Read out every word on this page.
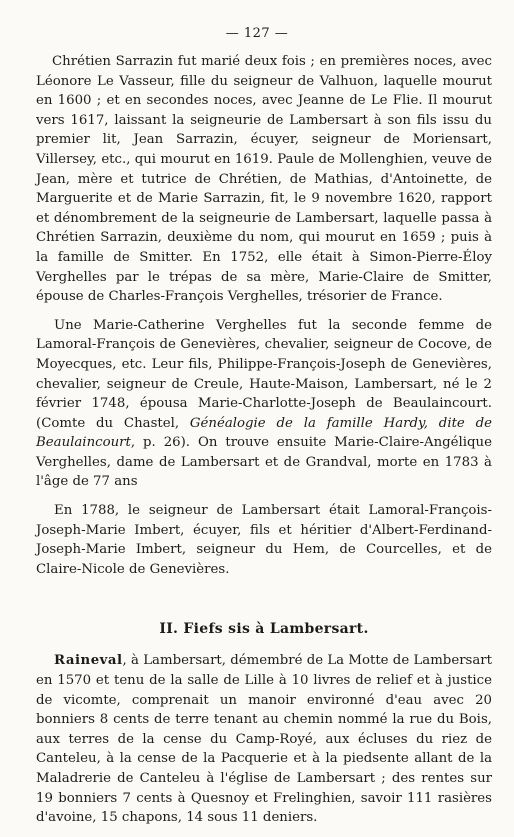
— 127 —

Chrétien Sarrazin fut marié deux fois ; en premières noces, avec Léonore Le Vasseur, fille du seigneur de Valhuon, laquelle mourut en 1600 ; et en secondes noces, avec Jeanne de Le Flie. Il mourut vers 1617, laissant la seigneurie de Lambersart à son fils issu du premier lit, Jean Sarrazin, écuyer, seigneur de Moriensart, Villersey, etc., qui mourut en 1619. Paule de Mollenghien, veuve de Jean, mère et tutrice de Chrétien, de Mathias, d'Antoinette, de Marguerite et de Marie Sarrazin, fit, le 9 novembre 1620, rapport et dénombrement de la seigneurie de Lambersart, laquelle passa à Chrétien Sarrazin, deuxième du nom, qui mourut en 1659 ; puis à la famille de Smitter. En 1752, elle était à Simon-Pierre-Éloy Verghelles par le trépas de sa mère, Marie-Claire de Smitter, épouse de Charles-François Verghelles, trésorier de France.

Une Marie-Catherine Verghelles fut la seconde femme de Lamoral-François de Genevières, chevalier, seigneur de Cocove, de Moyecques, etc. Leur fils, Philippe-François-Joseph de Genevières, chevalier, seigneur de Creule, Haute-Maison, Lambersart, né le 2 février 1748, épousa Marie-Charlotte-Joseph de Beaulaincourt. (Comte du Chastel, Généalogie de la famille Hardy, dite de Beaulaincourt, p. 26). On trouve ensuite Marie-Claire-Angélique Verghelles, dame de Lambersart et de Grandval, morte en 1783 à l'âge de 77 ans

En 1788, le seigneur de Lambersart était Lamoral-François-Joseph-Marie Imbert, écuyer, fils et héritier d'Albert-Ferdinand-Joseph-Marie Imbert, seigneur du Hem, de Courcelles, et de Claire-Nicole de Genevières.

II. Fiefs sis à Lambersart.

Raineval, à Lambersart, démembré de La Motte de Lambersart en 1570 et tenu de la salle de Lille à 10 livres de relief et à justice de vicomte, comprenait un manoir environné d'eau avec 20 bonniers 8 cents de terre tenant au chemin nommé la rue du Bois, aux terres de la cense du Camp-Royé, aux écluses du riez de Canteleu, à la cense de la Pacquerie et à la piedsente allant de la Maladrerie de Canteleu à l'église de Lambersart ; des rentes sur 19 bonniers 7 cents à Quesnoy et Frelinghien, savoir 111 rasières d'avoine, 15 chapons, 14 sous 11 deniers.
